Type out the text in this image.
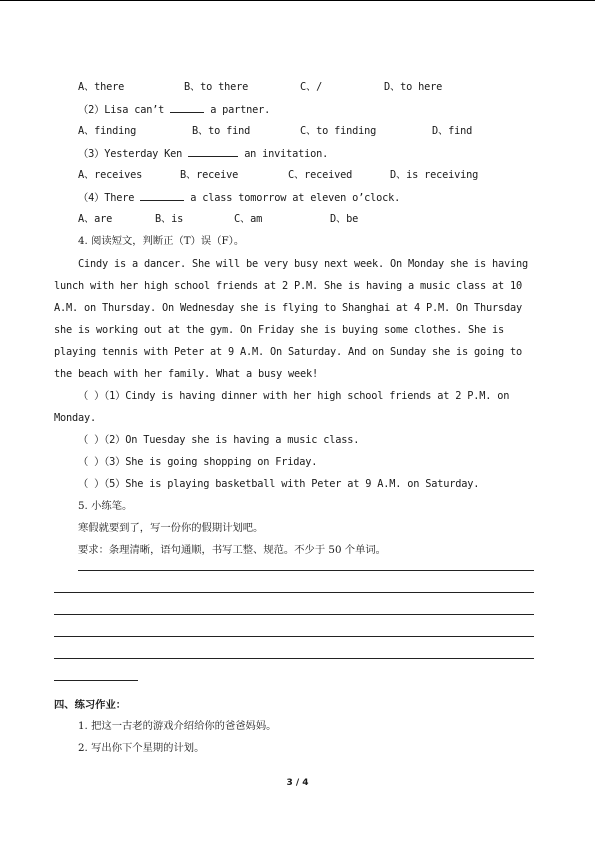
A、there	B、to there	C、/	D、to here
（2）Lisa can’t	a partner.
A、finding	B、to find	C、to finding	D、find
（3）Yesterday Ken	an invitation.
A、receives	B、receive	C、received	D、is receiving
（4）There	a class tomorrow at eleven o’clock.
A、are	B、is	C、am	D、be
4. 阅读短文，判断正（T）误（F）。
Cindy is a dancer. She will be very busy next week. On Monday she is having
lunch with her high school friends at 2 P.M. She is having a music class at 10
A.M. on Thursday. On Wednesday she is flying to Shanghai at 4 P.M. On Thursday
she is working out at the gym. On Friday she is buying some clothes. She is
playing tennis with Peter at 9 A.M. On Saturday. And on Sunday she is going to
the beach with her family. What a busy week!
（ ）（1）Cindy is having dinner with her high school friends at 2 P.M. on
Monday.
（ ）（2）On Tuesday she is having a music class.
（ ）（3）She is going shopping on Friday.
（ ）（5）She is playing basketball with Peter at 9 A.M. on Saturday.
5. 小练笔。
寒假就要到了，写一份你的假期计划吧。
要求：条理清晰，语句通顺，书写工整、规范。不少于 50 个单词。
四、练习作业：
1. 把这一古老的游戏介绍给你的爸爸妈妈。
2. 写出你下个星期的计划。
3 / 4
